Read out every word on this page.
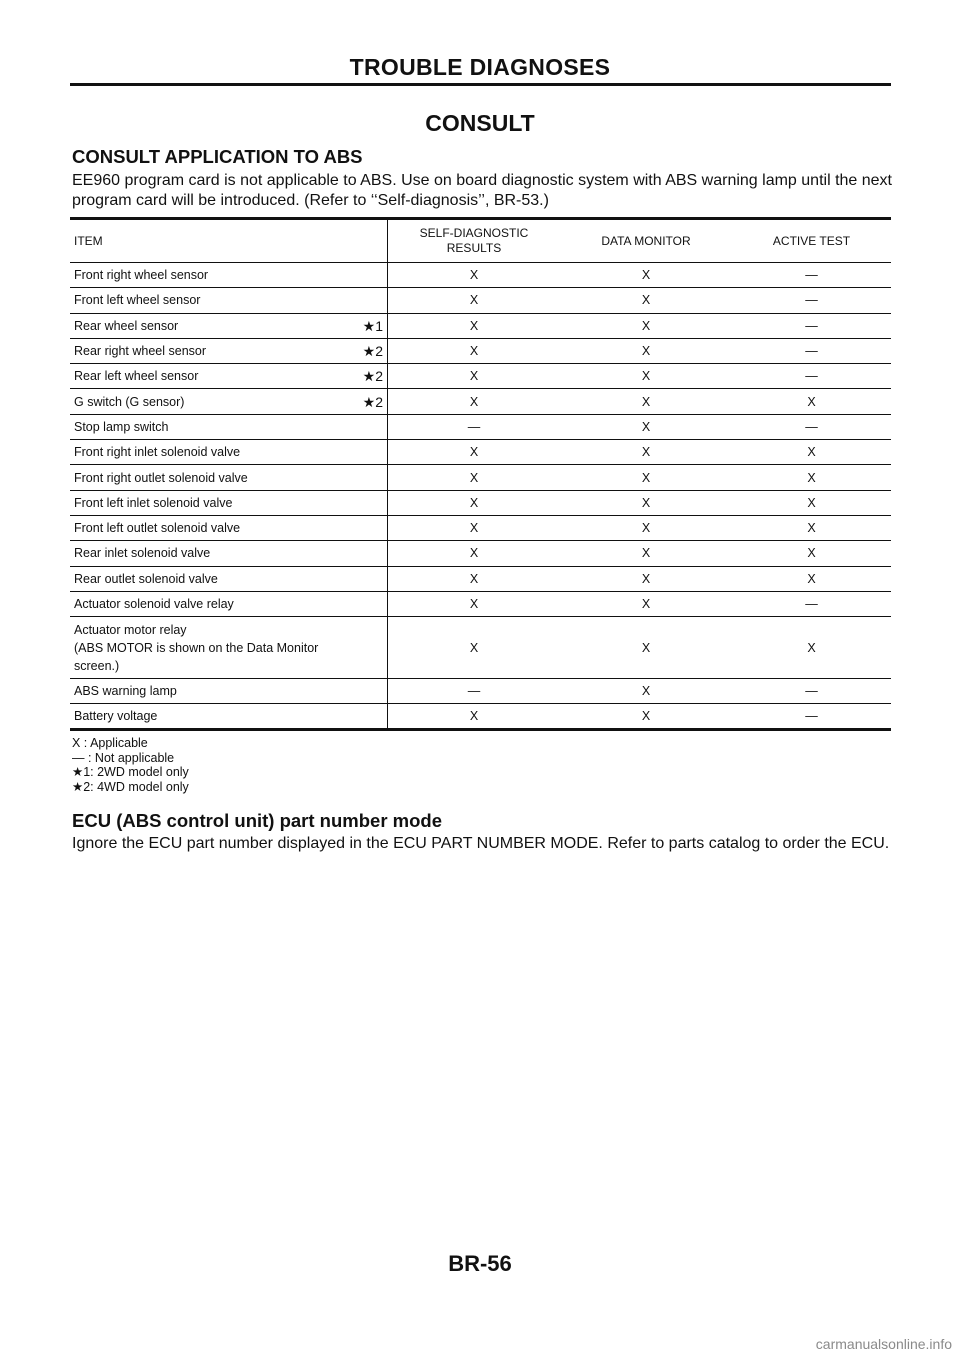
TROUBLE DIAGNOSES
CONSULT
CONSULT APPLICATION TO ABS
EE960 program card is not applicable to ABS. Use on board diagnostic system with ABS warning lamp until the next program card will be introduced. (Refer to ‘‘Self-diagnosis’’, BR-53.)
ITEM	SELF-DIAGNOSTIC RESULTS	DATA MONITOR	ACTIVE TEST

Front right wheel sensor	X	X	—

Front left wheel sensor	X	X	—

Rear wheel sensor ★1	X	X	—

Rear right wheel sensor ★2	X	X	—

Rear left wheel sensor ★2	X	X	—

G switch (G sensor) ★2	X	X	X

Stop lamp switch	—	X	—

Front right inlet solenoid valve	X	X	X

Front right outlet solenoid valve	X	X	X

Front left inlet solenoid valve	X	X	X

Front left outlet solenoid valve	X	X	X

Rear inlet solenoid valve	X	X	X

Rear outlet solenoid valve	X	X	X

Actuator solenoid valve relay	X	X	—

Actuator motor relay
(ABS MOTOR is shown on the Data Monitor
screen.)	X	X	X

ABS warning lamp	—	X	—

Battery voltage	X	X	—
X : Applicable
— : Not applicable
★1: 2WD model only
★2: 4WD model only
ECU (ABS control unit) part number mode
Ignore the ECU part number displayed in the ECU PART NUMBER MODE. Refer to parts catalog to order the ECU.
BR-56
carmanualsonline.info
